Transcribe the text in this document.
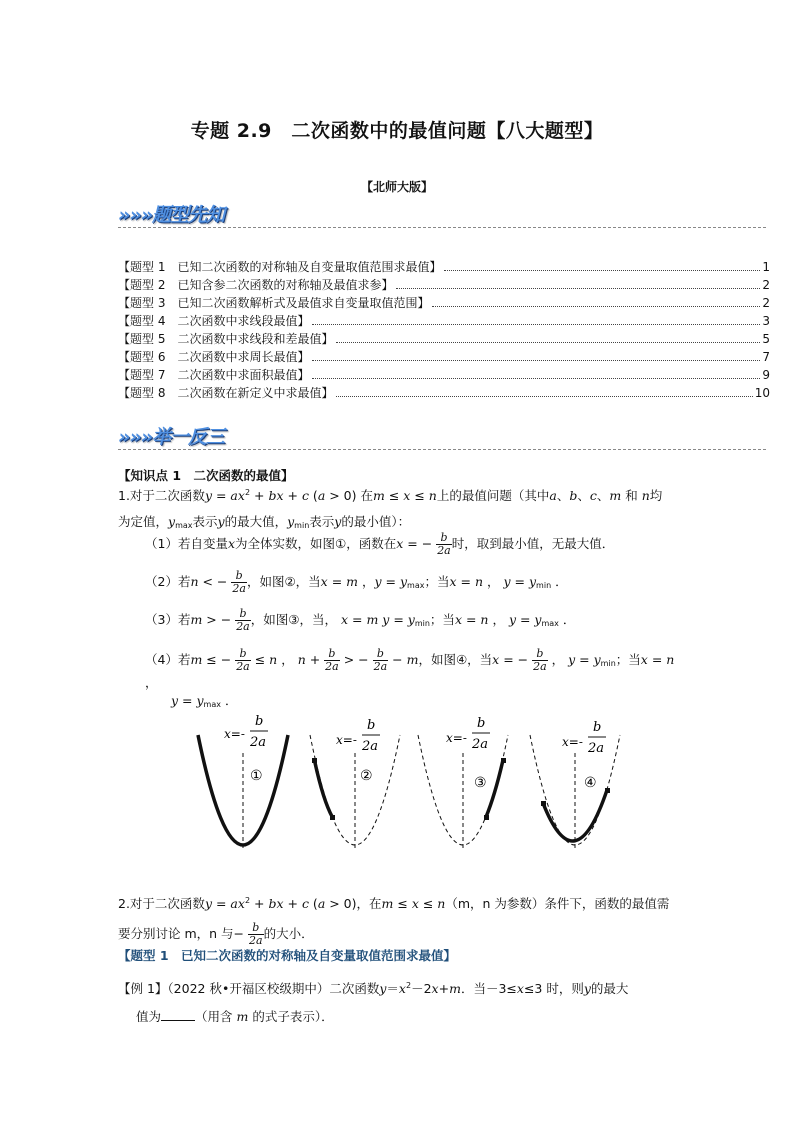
专题 2.9　二次函数中的最值问题【八大题型】
【北师大版】
»»»题型先知
【题型 1　已知二次函数的对称轴及自变量取值范围求最值】	1
【题型 2　已知含参二次函数的对称轴及最值求参】	2
【题型 3　已知二次函数解析式及最值求自变量取值范围】	2
【题型 4　二次函数中求线段最值】	3
【题型 5　二次函数中求线段和差最值】	5
【题型 6　二次函数中求周长最值】	7
【题型 7　二次函数中求面积最值】	9
【题型 8　二次函数在新定义中求最值】	10
»»»举一反三
【知识点 1　二次函数的最值】
1.对于二次函数$y = ax^2$ + bx + c (a > 0) 在m ≤ x ≤ n上的最值问题（其中a、b、c、m 和 n均
为定值，$y_{max}$表示y的最大值，$y_{min}$表示y的最小值）：
（1）若自变量x为全体实数，如图①，函数在x = − $\frac{b}{2a}$ 时，取到最小值，无最大值．
（2）若n < − $\frac{b}{2a}$ ，如图②，当x = m ，$y = y_{max}$；当x = n ， $y = y_{min}$ ．
（3）若m > − $\frac{b}{2a}$ ，如图③，当， x = m $y = y_{min}$；当x = n ， $y = y_{max}$ ．
（4）若m ≤ − $\frac{b}{2a} \le n$ ， $n + \frac{b}{2a}$ > − $\frac{b}{2a} - m$，如图④，当x = − $\frac{b}{2a}$ ， $y = y_{min}$；当x = n ，
$y = y_{max}$ ．
x=-
b
2a
①
x=-
b
2a
②
x=-
b
2a
③
x=-
b
2a
④
2.对于二次函数$y = ax^2$ + bx + c (a > 0)，在m ≤ x ≤ n（m，n 为参数）条件下，函数的最值需
要分别讨论 m，n 与− $\frac{b}{2a}$ 的大小．
【题型 1　已知二次函数的对称轴及自变量取值范围求最值】
【例 1】（2022 秋•开福区校级期中）二次函数$y=x^2-2x+m$．当－3≤x≤3 时，则y的最大
值为	（用含 m 的式子表示）．
